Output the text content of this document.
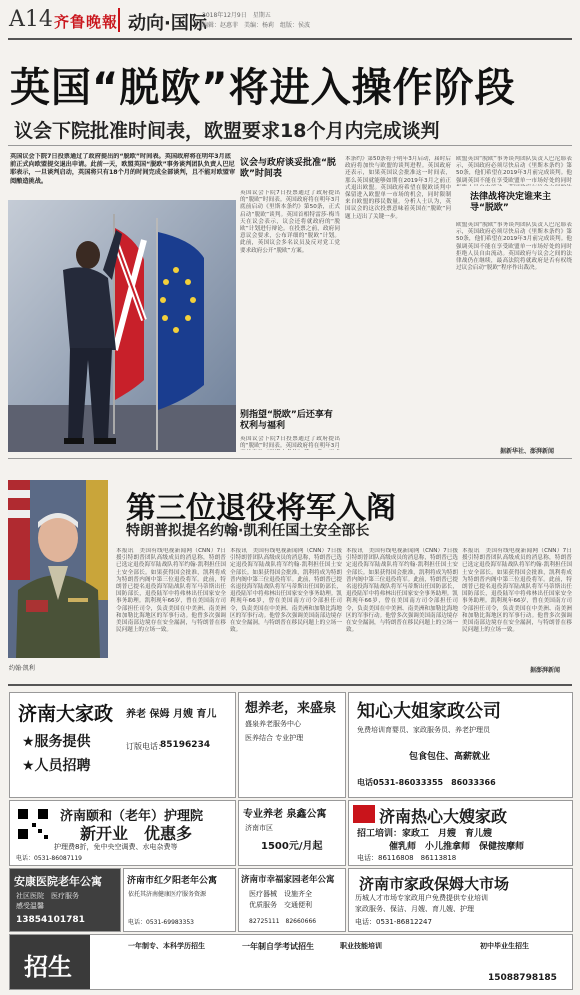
A14 齐鲁晚報 动向·国际
2018年12月9日　星期五
编辑：赵惠菲　美编：杨莉　组版：侯波
英国“脱欧”将进入操作阶段
议会下院批准时间表，欧盟要求18个月内完成谈判
英国议会下院7日投票通过了政府提出的“脱欧”时间表。英国政府将在明年3月底前正式向欧盟提交退出申请。此前一天，欧盟英国“脱欧”事务谈判团队负责人巴尼耶表示，一旦谈判启动，英国将只有18个月的时间完成全部谈判，且不能对欧盟审阅酿造挑战。
议会与政府谈妥批准“脱欧”时间表
英国议会下院7日投票通过了政府提出的“脱欧”时间表。英国政府将在明年3月底前启动《里斯本条约》第50条，正式启动“脱欧”谈判。英国首相特雷莎·梅当天在议会表示，议会还将就政府的“脱欧”计划进行辩论。在投票之前，政府同意议会要求，公布详细的“脱欧”计划。此前，英国议会多名议员及反对党工党要求政府公开“脱欧”方案。
别指望“脱欧”后还享有权利与福利
英国议会下院7日投票通过了政府提出的“脱欧”时间表。英国政府将在明年3月
本条约》第50条将于明年3月启动，届时后政府将加快与欧盟的谈判进程。英国政府还表示，如果英国议会批准这一时间表，那么英国就能够如期在2019年3月之前正式退出欧盟。英国政府希望在脱欧谈判中保留进入欧盟单一市场的机会，同时限制来自欧盟的移民数量。分析人士认为，英国议会的这次投票意味着英国在“脱欧”问题上迈出了关键一步。
欧盟英国“脱欧”事务谈判团队负责人巴尼耶表示，英国政府必须尽快启动《里斯本条约》第50条，他们希望在2019年3月前完成谈判。他强调英国不能在享受欧盟单一市场好处的同时
法律战将决定谁来主导“脱欧”
欧盟英国“脱欧”事务谈判团队负责人巴尼耶表示，英国政府必须尽快启动《里斯本条约》第50条，他们希望在2019年3月前完成谈判。他强调英国不能在享受欧盟单一市场好处的同时拒绝人员自由流动。英国政府与议会之间的法律战仍在继续，最高法院将就政府是否有权绕过议会启动“脱欧”程序作出裁决。
据新华社、澎湃新闻
约翰·凯利
第三位退役将军入阁
特朗普拟提名约翰·凯利任国土安全部长
本报讯　美国有线电视新闻网（CNN）7日援引特朗普团队高级成员的消息称，特朗普已选定退役海军陆战队将军约翰·凯利担任国土安全部长。如果获得国会批准，凯利将成为特朗普内阁中第三位退役将军。此前，特朗普已提名退役海军陆战队将军马蒂斯出任国防部长，退役陆军中将弗林出任国家安全事务助理。凯利现年66岁，曾在美国南方司令部担任司令，负责美国在中美洲、南美洲和加勒比海地区的军事行动。他曾多次强调美国南部边境存在安全漏洞，与特朗普在移民问题上的立场一致。
本报讯　美国有线电视新闻网（CNN）7日援引特朗普团队高级成员的消息称，特朗普已选定退役海军陆战队将军约翰·凯利担任国土安全部长。如果获得国会批准，凯利将成为特朗普内阁中第三位退役将军。此前，特朗普已提名退役海军陆战队将军马蒂斯出任国防部长，退役陆军中将弗林出任国家安全事务助理。凯利现年66岁，曾在美国南方司令部担任司令，负责美国在中美洲、南美洲和加勒比海地区的军事行动。他曾多次强调美国南部边境存在安全漏洞，与特朗普在移民问题上的立场一致。
本报讯　美国有线电视新闻网（CNN）7日援引特朗普团队高级成员的消息称，特朗普已选定退役海军陆战队将军约翰·凯利担任国土安全部长。如果获得国会批准，凯利将成为特朗普内阁中第三位退役将军。此前，特朗普已提名退役海军陆战队将军马蒂斯出任国防部长，退役陆军中将弗林出任国家安全事务助理。凯利现年66岁，曾在美国南方司令部担任司令，负责美国在中美洲、南美洲和加勒比海地区的军事行动。他曾多次强调美国南部边境存在安全漏洞，与特朗普在移民问题上的立场一致。
本报讯　美国有线电视新闻网（CNN）7日援引特朗普团队高级成员的消息称，特朗普已选定退役海军陆战队将军约翰·凯利担任国土安全部长。如果获得国会批准，凯利将成为特朗普内阁中第三位退役将军。此前，特朗普已提名退役海军陆战队将军马蒂斯出任国防部长，退役陆军中将弗林出任国家安全事务助理。凯利现年66岁，曾在美国南方司令部担任司令，负责美国在中美洲、南美洲和加勒比海地区的军事行动。他曾多次强调美国南部边境存在安全漏洞，与特朗普在移民问题上的立场一致。
据澎湃新闻
济南大家政 养老 保姆 月嫂 育儿
★服务提供
★人员招聘
订版电话：
85196234
想养老，来盛泉
盛泉养老服务中心
医养结合 专业护理
知心大姐家政公司
免费培训育婴员、家政服务员、养老护理员
包食包住、高薪就业
电话0531-86033355　86033366
济南颐和（老年）护理院
新开业　优惠多
护理费8折，免中央空调费、水电杂费等
电话：0531-86087119
专业养老 泉鑫公寓
济南市区
1500元/月起
济南热心大嫂家政
招工培训：家政工　月嫂　育儿嫂
催乳师　小儿推拿师　保健按摩师
电话：86116808　86113818
安康医院老年公寓
社区医院　医疗服务
感受温馨
13854101781
济南市红夕阳老年公寓
依托其济南健康医疗服务资源
电话：0531-69983353
济南市幸福家园老年公寓
医疗器械　设施齐全
优质服务　交通便利
82725111　82660666
济南市家政保姆大市场
历城人才市场专家政用户免费提供专业培训
家政服务、保洁、月嫂、育儿嫂、护理
电话：0531-86812247
招生
一年制专、本科学历招生	一年制自学考试招生	职业技能培训	初中毕业生招生
15088798185
